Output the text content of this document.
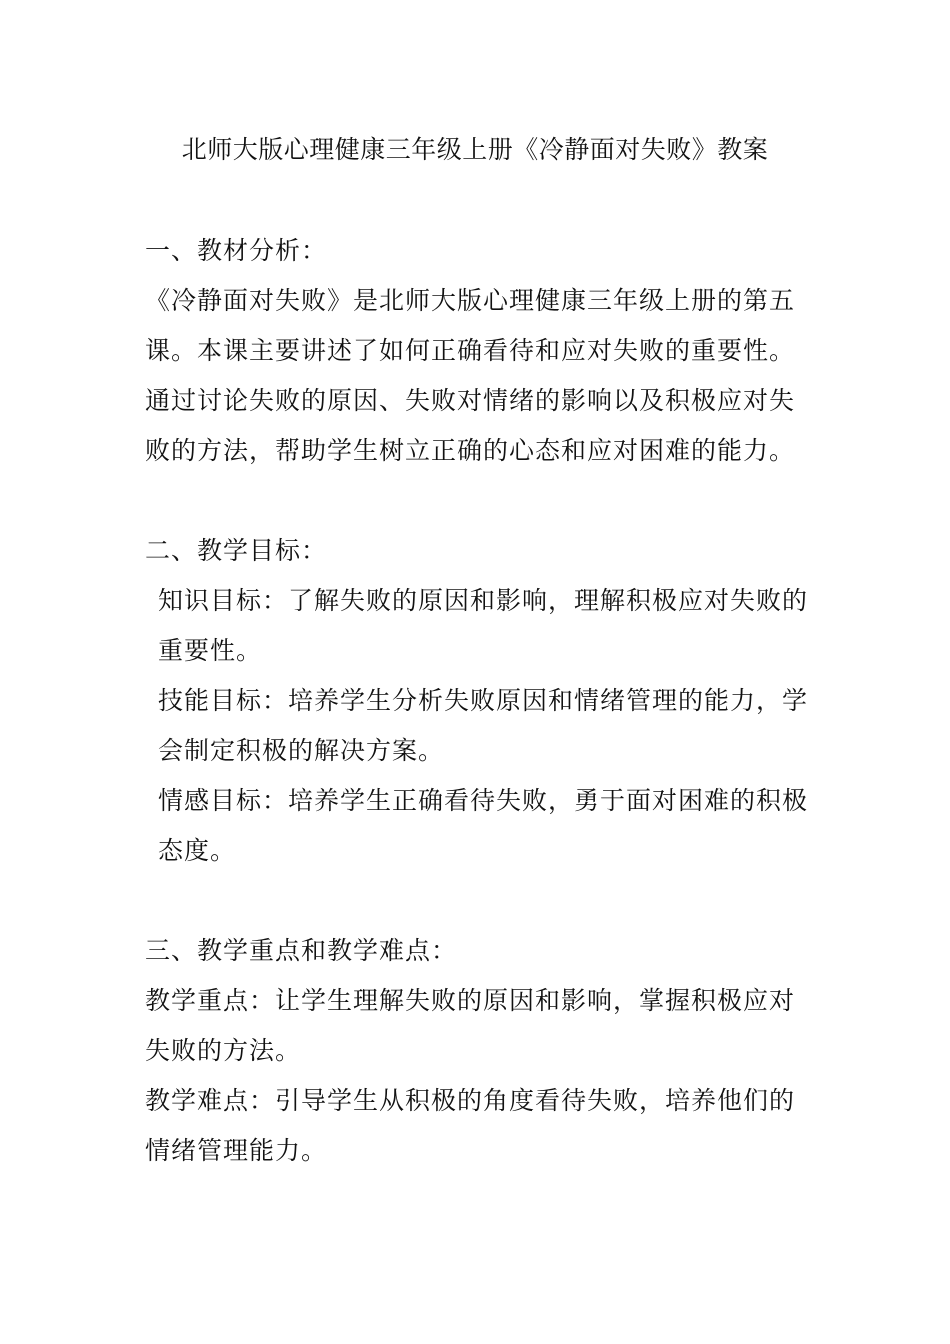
北师大版心理健康三年级上册《冷静面对失败》教案

一、教材分析：

《冷静面对失败》是北师大版心理健康三年级上册的第五课。本课主要讲述了如何正确看待和应对失败的重要性。通过讨论失败的原因、失败对情绪的影响以及积极应对失败的方法，帮助学生树立正确的心态和应对困难的能力。

二、教学目标：

知识目标：了解失败的原因和影响，理解积极应对失败的重要性。

技能目标：培养学生分析失败原因和情绪管理的能力，学会制定积极的解决方案。

情感目标：培养学生正确看待失败，勇于面对困难的积极态度。

三、教学重点和教学难点：

教学重点：让学生理解失败的原因和影响，掌握积极应对失败的方法。

教学难点：引导学生从积极的角度看待失败，培养他们的情绪管理能力。
